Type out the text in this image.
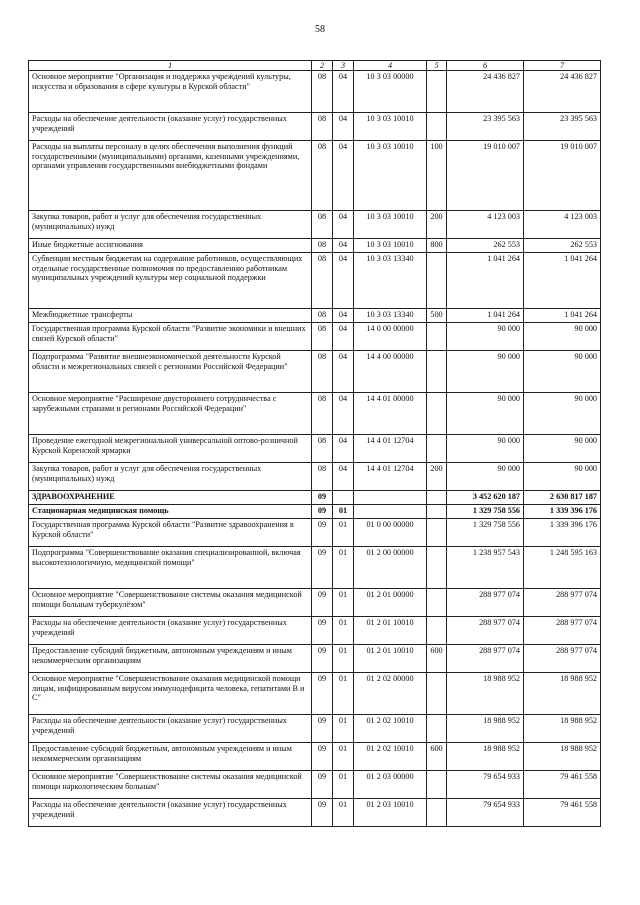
58
1	2	3	4	5	6	7
Основное мероприятие "Организация и поддержка учреждений культуры, искусства и образования в сфере культуры в Курской области"	08	04	10 3 03 00000		24 436 827	24 436 827
Расходы на обеспечение деятельности (оказание услуг) государственных учреждений	08	04	10 3 03 10010		23 395 563	23 395 563
Расходы на выплаты персоналу в целях обеспечения выполнения функций государственными (муниципальными) органами, казенными учреждениями, органами управления государственными внебюджетными фондами	08	04	10 3 03 10010	100	19 010 007	19 010 007
Закупка товаров, работ и услуг для обеспечения государственных (муниципальных) нужд	08	04	10 3 03 10010	200	4 123 003	4 123 003
Иные бюджетные ассигнования	08	04	10 3 03 10010	800	262 553	262 553
Субвенции местным бюджетам на содержание работников, осуществляющих отдельные государственные полномочия по предоставлению работникам муниципальных учреждений культуры мер социальной поддержки	08	04	10 3 03 13340		1 041 264	1 041 264
Межбюджетные трансферты	08	04	10 3 03 13340	500	1 041 264	1 041 264
Государственная программа Курской области "Развитие экономики и внешних связей Курской области"	08	04	14 0 00 00000		90 000	90 000
Подпрограмма "Развитие внешнеэкономической деятельности Курской области и межрегиональных связей с регионами Российской Федерации"	08	04	14 4 00 00000		90 000	90 000
Основное мероприятие "Расширение двустороннего сотрудничества с зарубежными странами и регионами Российской Федерации"	08	04	14 4 01 00000		90 000	90 000
Проведение ежегодной межрегиональной универсальной оптово-розничной Курской Коренской ярмарки	08	04	14 4 01 12704		90 000	90 000
Закупка товаров, работ и услуг для обеспечения государственных (муниципальных) нужд	08	04	14 4 01 12704	200	90 000	90 000
ЗДРАВООХРАНЕНИЕ	09				3 452 620 187	2 630 817 187
Стационарная медицинская помощь	09	01			1 329 758 556	1 339 396 176
Государственная программа Курской области "Развитие здравоохранения в Курской области"	09	01	01 0 00 00000		1 329 758 556	1 339 396 176
Подпрограмма "Совершенствование оказания специализированной, включая высокотехнологичную, медицинской помощи"	09	01	01 2 00 00000		1 238 957 543	1 248 595 163
Основное мероприятие "Совершенствование системы оказания медицинской помощи больным туберкулёзом"	09	01	01 2 01 00000		288 977 074	288 977 074
Расходы на обеспечение деятельности (оказание услуг) государственных учреждений	09	01	01 2 01 10010		288 977 074	288 977 074
Предоставление субсидий бюджетным, автономным учреждениям и иным некоммерческим организациям	09	01	01 2 01 10010	600	288 977 074	288 977 074
Основное мероприятие "Совершенствование оказания медицинской помощи лицам, инфицированным вирусом иммунодефицита человека, гепатитами В и С"	09	01	01 2 02 00000		18 988 952	18 988 952
Расходы на обеспечение деятельности (оказание услуг) государственных учреждений	09	01	01 2 02 10010		18 988 952	18 988 952
Предоставление субсидий бюджетным, автономным учреждениям и иным некоммерческим организациям	09	01	01 2 02 10010	600	18 988 952	18 988 952
Основное мероприятие "Совершенствование системы оказания медицинской помощи наркологическим больным"	09	01	01 2 03 00000		79 654 933	79 461 558
Расходы на обеспечение деятельности (оказание услуг) государственных учреждений	09	01	01 2 03 10010		79 654 933	79 461 558
